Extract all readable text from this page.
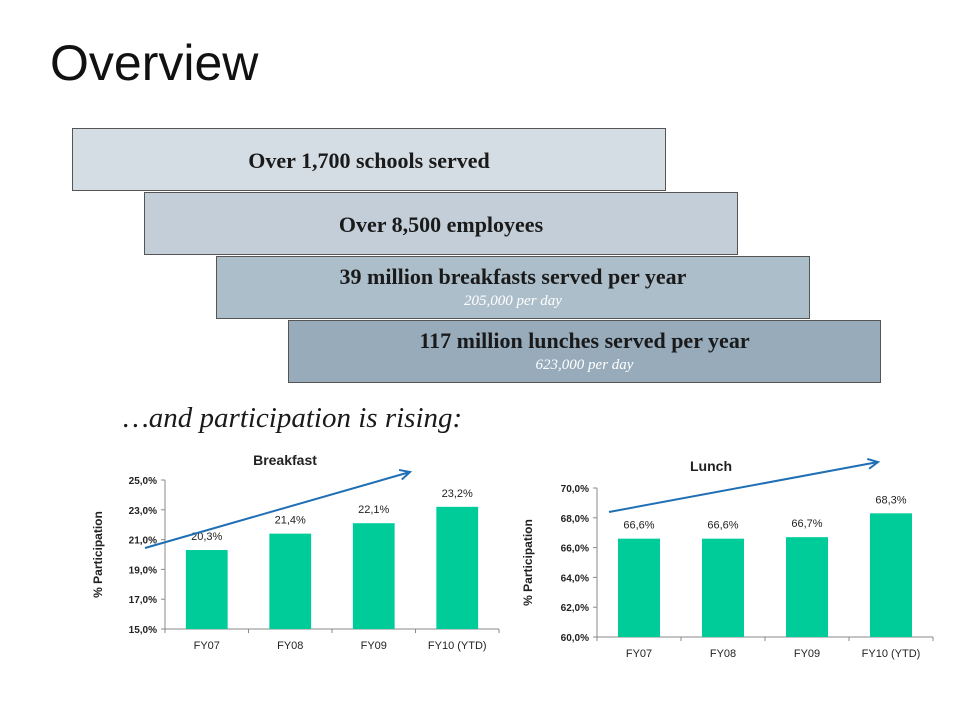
Overview
Over 1,700 schools served
Over 8,500 employees
39 million breakfasts served per year
205,000 per day
117 million lunches served per year
623,000 per day
…and participation is rising:
Breakfast
% Participation
15,0%
17,0%
19,0%
21,0%
23,0%
25,0%
20,3%
FY07
21,4%
FY08
22,1%
FY09
23,2%
FY10 (YTD)
Lunch
% Participation
60,0%
62,0%
64,0%
66,0%
68,0%
70,0%
66,6%
FY07
66,6%
FY08
66,7%
FY09
68,3%
FY10 (YTD)
